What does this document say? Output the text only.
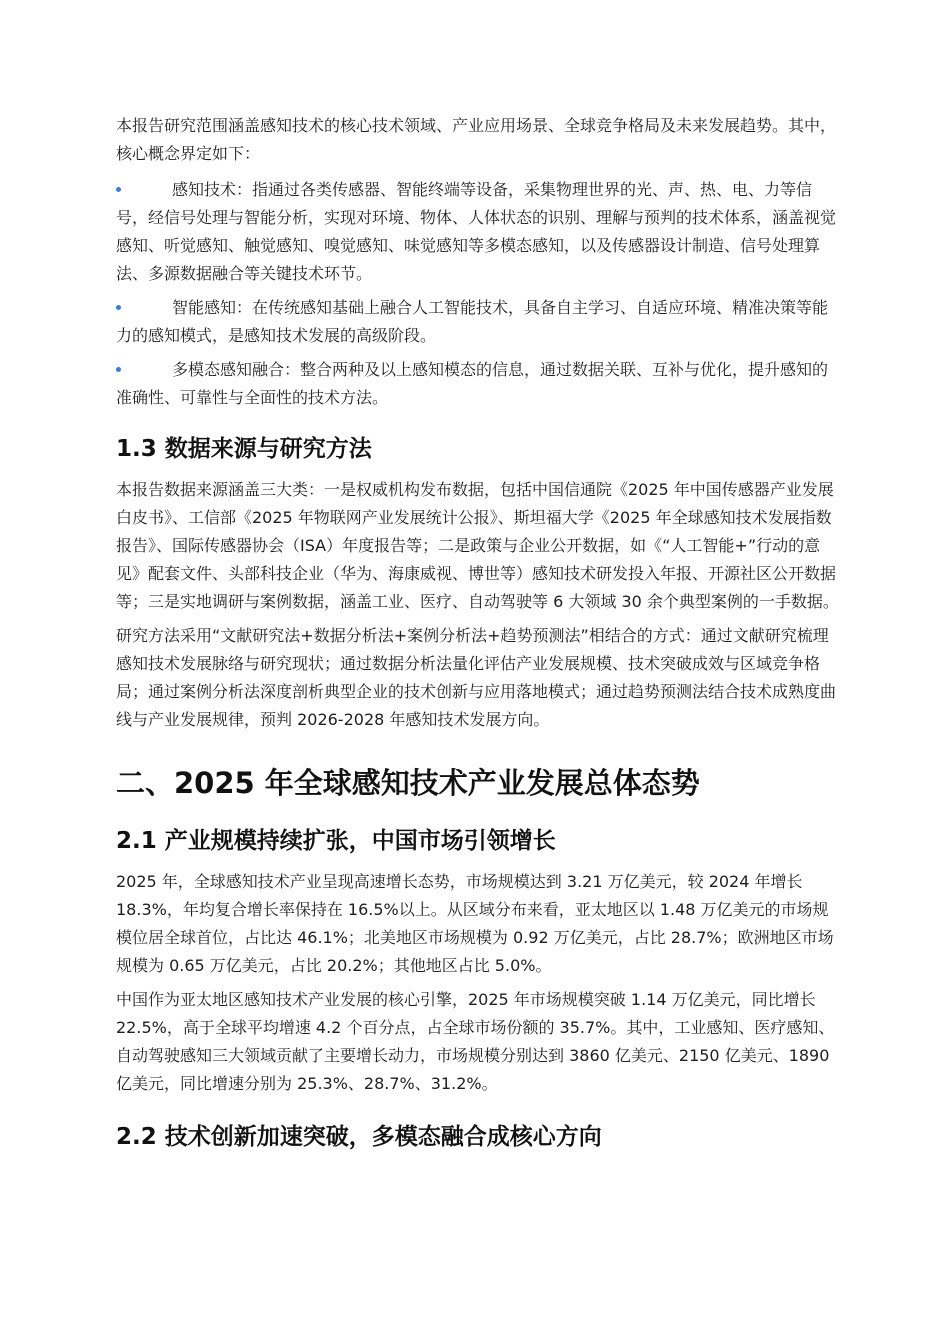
本报告研究范围涵盖感知技术的核心技术领域、产业应用场景、全球竞争格局及未来发展趋势。其中，核心概念界定如下：

感知技术：指通过各类传感器、智能终端等设备，采集物理世界的光、声、热、电、力等信号，经信号处理与智能分析，实现对环境、物体、人体状态的识别、理解与预判的技术体系，涵盖视觉感知、听觉感知、触觉感知、嗅觉感知、味觉感知等多模态感知，以及传感器设计制造、信号处理算法、多源数据融合等关键技术环节。

智能感知：在传统感知基础上融合人工智能技术，具备自主学习、自适应环境、精准决策等能力的感知模式，是感知技术发展的高级阶段。

多模态感知融合：整合两种及以上感知模态的信息，通过数据关联、互补与优化，提升感知的准确性、可靠性与全面性的技术方法。

1.3 数据来源与研究方法

本报告数据来源涵盖三大类：一是权威机构发布数据，包括中国信通院《2025 年中国传感器产业发展白皮书》、工信部《2025 年物联网产业发展统计公报》、斯坦福大学《2025 年全球感知技术发展指数报告》、国际传感器协会（ISA）年度报告等；二是政策与企业公开数据，如《“人工智能+”行动的意见》配套文件、头部科技企业（华为、海康威视、博世等）感知技术研发投入年报、开源社区公开数据等；三是实地调研与案例数据，涵盖工业、医疗、自动驾驶等 6 大领域 30 余个典型案例的一手数据。

研究方法采用“文献研究法+数据分析法+案例分析法+趋势预测法”相结合的方式：通过文献研究梳理感知技术发展脉络与研究现状；通过数据分析法量化评估产业发展规模、技术突破成效与区域竞争格局；通过案例分析法深度剖析典型企业的技术创新与应用落地模式；通过趋势预测法结合技术成熟度曲线与产业发展规律，预判 2026-2028 年感知技术发展方向。

二、2025 年全球感知技术产业发展总体态势
2.1 产业规模持续扩张，中国市场引领增长

2025 年，全球感知技术产业呈现高速增长态势，市场规模达到 3.21 万亿美元，较 2024 年增长 18.3%，年均复合增长率保持在 16.5%以上。从区域分布来看，亚太地区以 1.48 万亿美元的市场规模位居全球首位，占比达 46.1%；北美地区市场规模为 0.92 万亿美元，占比 28.7%；欧洲地区市场规模为 0.65 万亿美元，占比 20.2%；其他地区占比 5.0%。

中国作为亚太地区感知技术产业发展的核心引擎，2025 年市场规模突破 1.14 万亿美元，同比增长 22.5%，高于全球平均增速 4.2 个百分点，占全球市场份额的 35.7%。其中，工业感知、医疗感知、自动驾驶感知三大领域贡献了主要增长动力，市场规模分别达到 3860 亿美元、2150 亿美元、1890 亿美元，同比增速分别为 25.3%、28.7%、31.2%。

2.2 技术创新加速突破，多模态融合成核心方向
